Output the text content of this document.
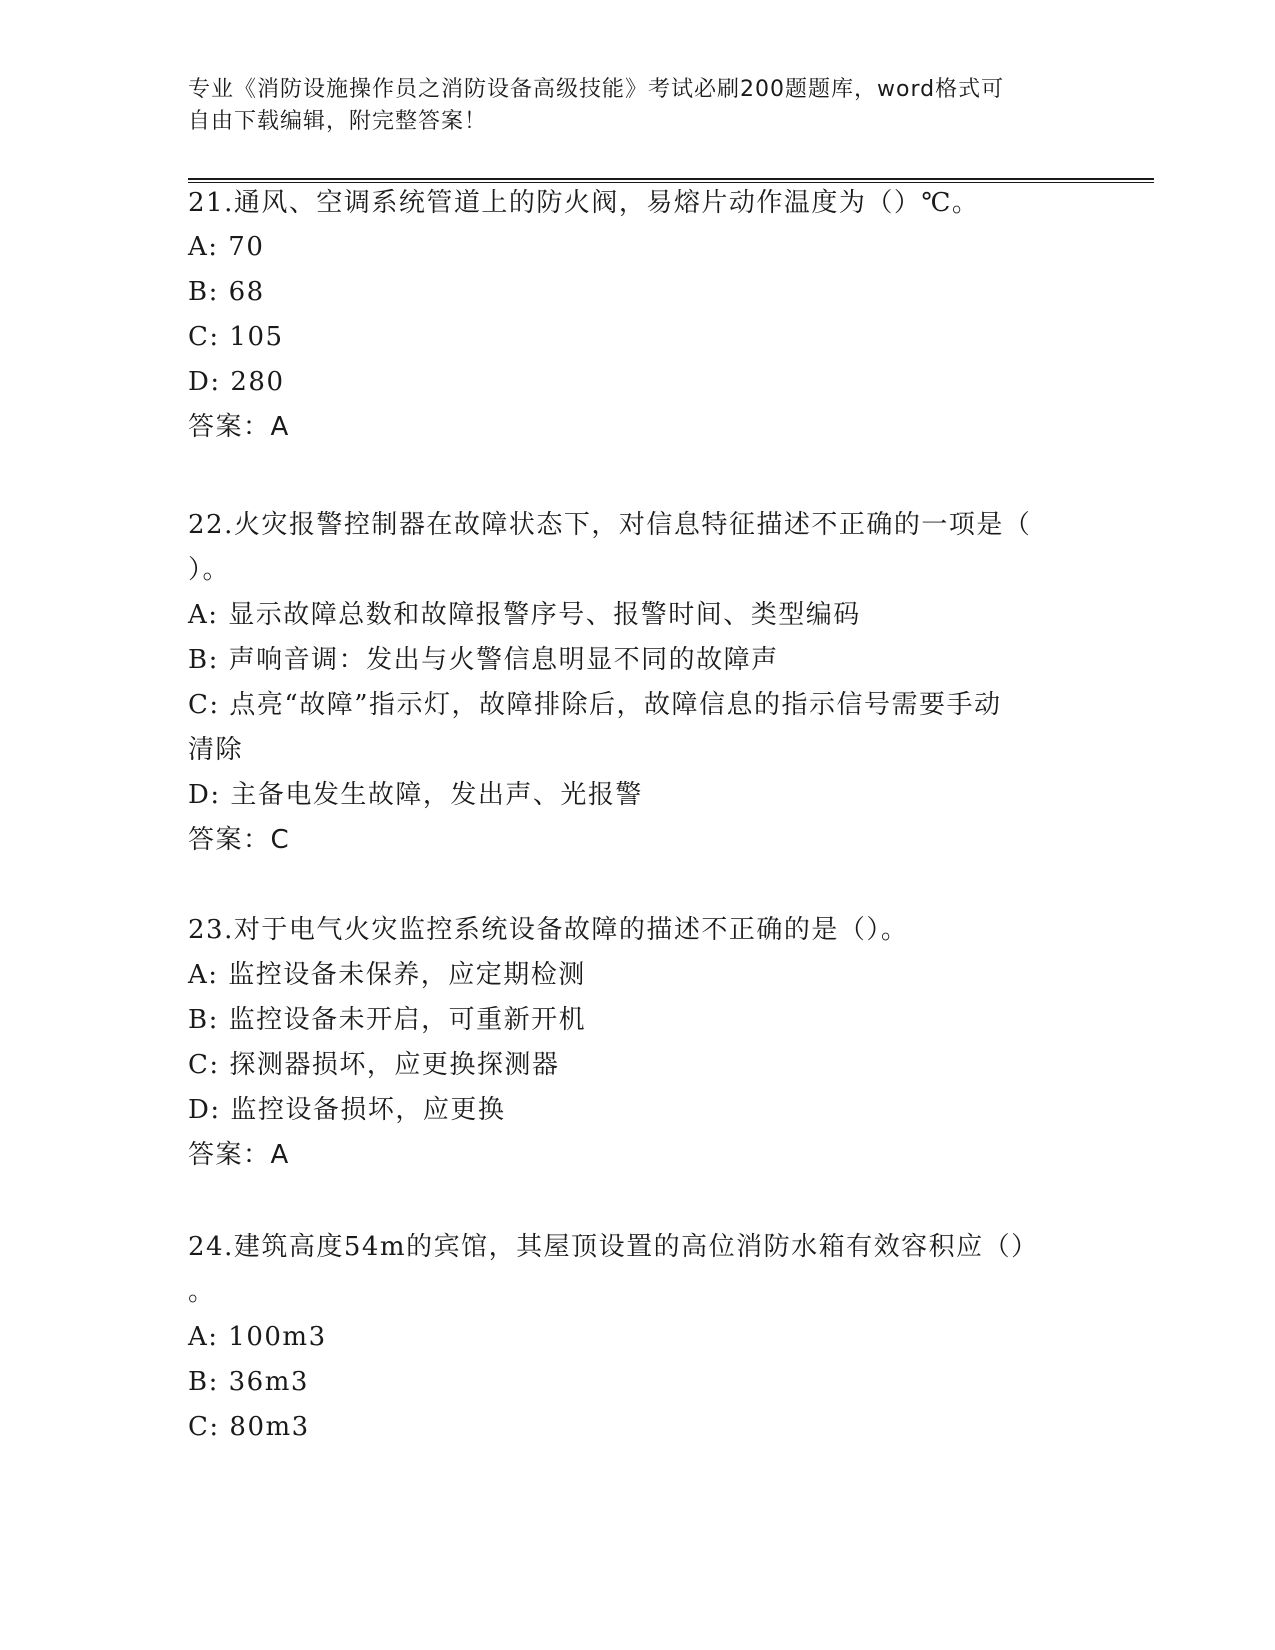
专业《消防设施操作员之消防设备高级技能》考试必刷200题题库，word格式可
自由下载编辑，附完整答案！
21.通风、空调系统管道上的防火阀，易熔片动作温度为（）℃。
A: 70
B: 68
C: 105
D: 280
答案：A
22.火灾报警控制器在故障状态下，对信息特征描述不正确的一项是（
）。
A: 显示故障总数和故障报警序号、报警时间、类型编码
B: 声响音调：发出与火警信息明显不同的故障声
C: 点亮“故障”指示灯，故障排除后，故障信息的指示信号需要手动
清除
D: 主备电发生故障，发出声、光报警
答案：C
23.对于电气火灾监控系统设备故障的描述不正确的是（）。
A: 监控设备未保养，应定期检测
B: 监控设备未开启，可重新开机
C: 探测器损坏，应更换探测器
D: 监控设备损坏，应更换
答案：A
24.建筑高度54m的宾馆，其屋顶设置的高位消防水箱有效容积应（）
。
A: 100m3
B: 36m3
C: 80m3
